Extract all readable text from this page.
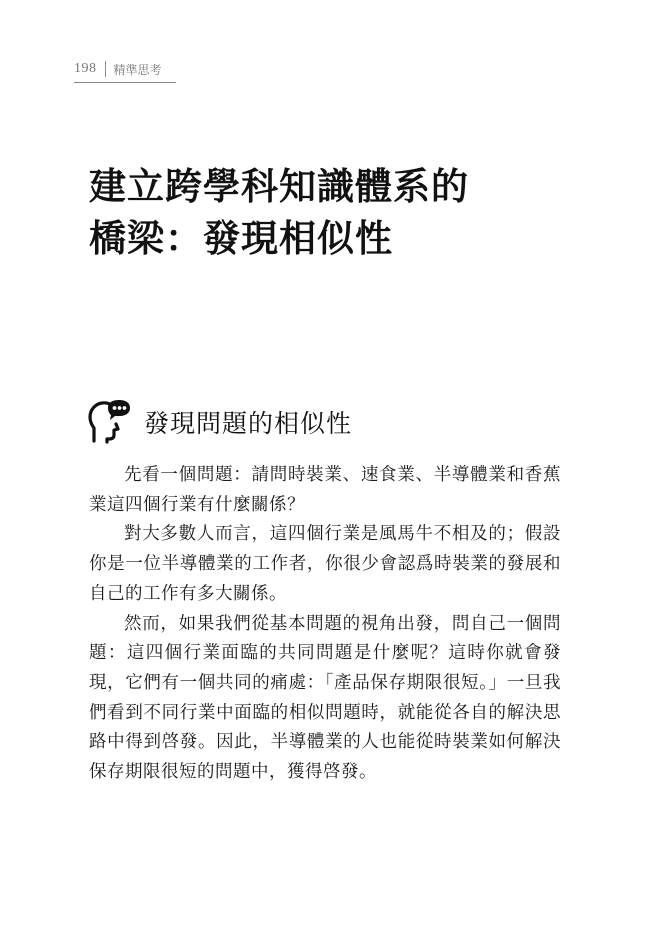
198	精準思考
建立跨學科知識體系的
橋梁：發現相似性
發現問題的相似性

先看一個問題：請問時裝業、速食業、半導體業和香蕉業這四個行業有什麼關係？

對大多數人而言，這四個行業是風馬牛不相及的；假設你是一位半導體業的工作者，你很少會認爲時裝業的發展和自己的工作有多大關係。

然而，如果我們從基本問題的視角出發，問自己一個問題：這四個行業面臨的共同問題是什麼呢？這時你就會發現，它們有一個共同的痛處：「產品保存期限很短。」一旦我們看到不同行業中面臨的相似問題時，就能從各自的解決思路中得到啓發。因此，半導體業的人也能從時裝業如何解決保存期限很短的問題中，獲得啓發。
